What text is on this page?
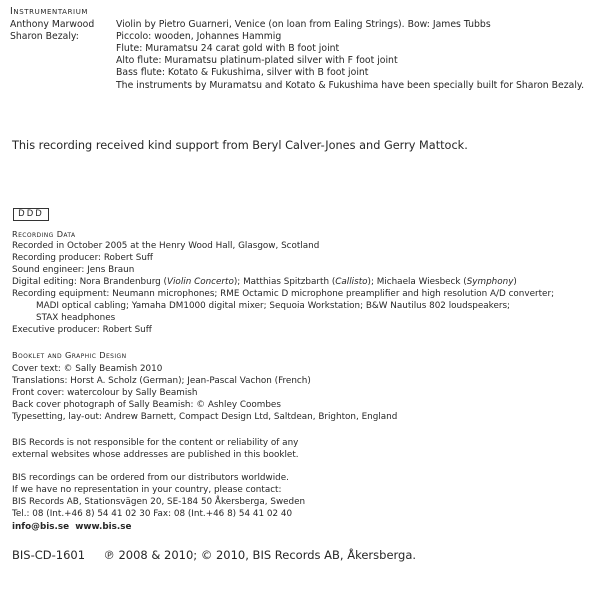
Instrumentarium
Anthony Marwood Violin by Pietro Guarneri, Venice (on loan from Ealing Strings). Bow: James Tubbs
Sharon Bezaly:	Piccolo: wooden, Johannes Hammig
Flute: Muramatsu 24 carat gold with B foot joint
Alto flute: Muramatsu platinum-plated silver with F foot joint
Bass flute: Kotato & Fukushima, silver with B foot joint
The instruments by Muramatsu and Kotato & Fukushima have been specially built for Sharon Bezaly.
This recording received kind support from Beryl Calver-Jones and Gerry Mattock.
DDD
Recording Data
Recorded in October 2005 at the Henry Wood Hall, Glasgow, Scotland
Recording producer: Robert Suff
Sound engineer: Jens Braun
Digital editing: Nora Brandenburg (Violin Concerto); Matthias Spitzbarth (Callisto); Michaela Wiesbeck (Symphony)
Recording equipment: Neumann microphones; RME Octamic D microphone preamplifier and high resolution A/D converter;
MADI optical cabling; Yamaha DM1000 digital mixer; Sequoia Workstation; B&W Nautilus 802 loudspeakers;
STAX headphones
Executive producer: Robert Suff
Booklet and Graphic Design
Cover text: © Sally Beamish 2010
Translations: Horst A. Scholz (German); Jean-Pascal Vachon (French)
Front cover: watercolour by Sally Beamish
Back cover photograph of Sally Beamish: © Ashley Coombes
Typesetting, lay-out: Andrew Barnett, Compact Design Ltd, Saltdean, Brighton, England
BIS Records is not responsible for the content or reliability of any
external websites whose addresses are published in this booklet.
BIS recordings can be ordered from our distributors worldwide.
If we have no representation in your country, please contact:
BIS Records AB, Stationsvägen 20, SE-184 50 Åkersberga, Sweden
Tel.: 08 (Int.+46 8) 54 41 02 30 Fax: 08 (Int.+46 8) 54 41 02 40
info@bis.se www.bis.se
BIS-CD-1601 ℗ 2008 & 2010; © 2010, BIS Records AB, Åkersberga.
